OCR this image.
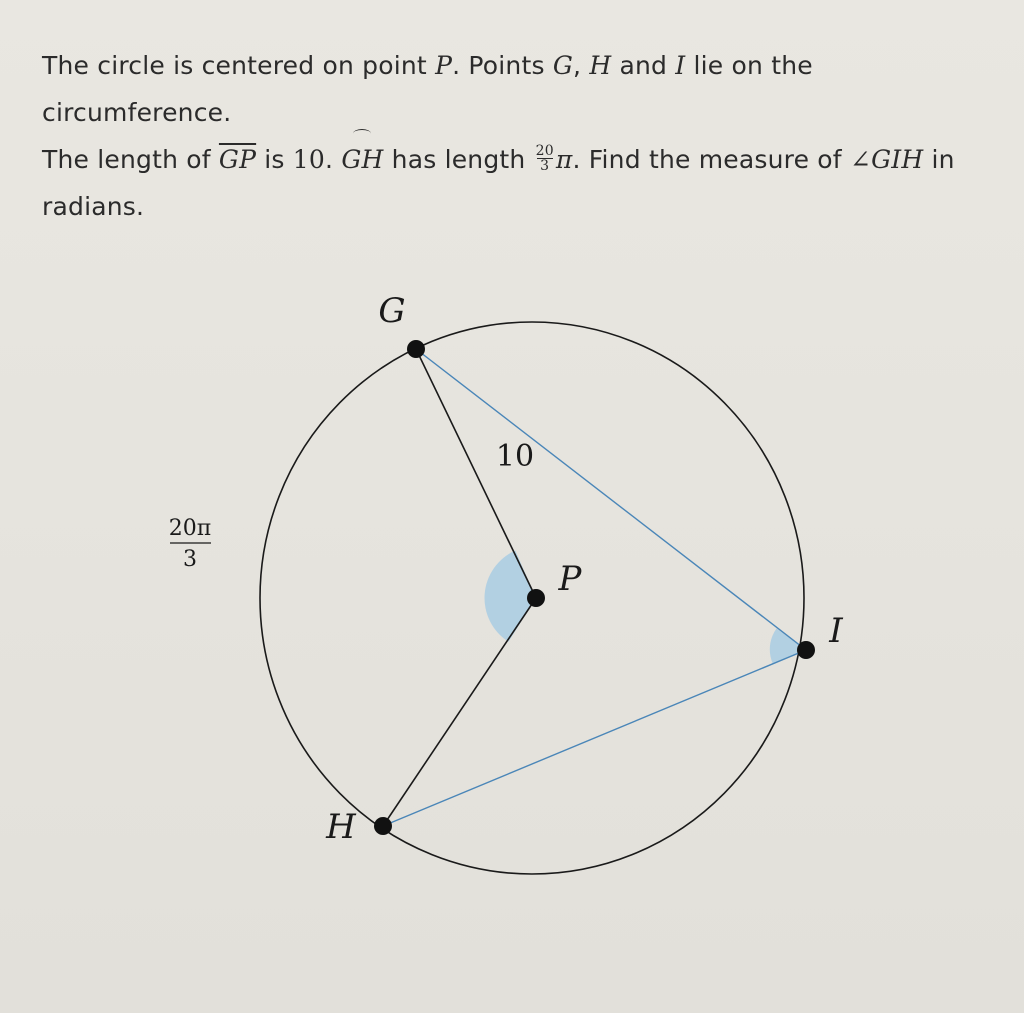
The circle is centered on point P. Points G, H and I lie on the circumference.
The length of $\overline{GP}$ is 10.
GH has length $\frac{20}{3} \pi$. Find the measure of ∠GIH in
radians.
G
P
I
H
10
20π
3
